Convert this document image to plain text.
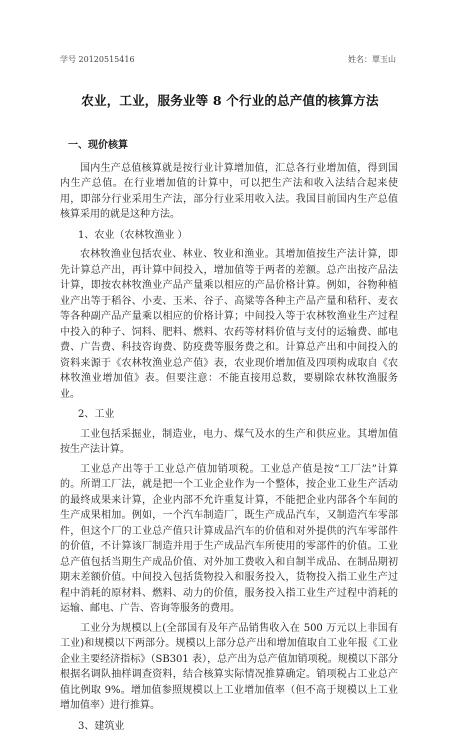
学号 20120515416	姓名：覃玉山
农业，工业，服务业等 8 个行业的总产值的核算方法

一、现价核算

国内生产总值核算就是按行业计算增加值，汇总各行业增加值，得到国内生产总值。在行业增加值的计算中，可以把生产法和收入法结合起来使用，即部分行业采用生产法，部分行业采用收入法。我国目前国内生产总值核算采用的就是这种方法。

1、农业（农林牧渔业 ）

农林牧渔业包括农业、林业、牧业和渔业。其增加值按生产法计算，即先计算总产出，再计算中间投入，增加值等于两者的差额。总产出按产品法计算，即按农林牧渔业产品产量乘以相应的产品价格计算。例如，谷物种植业产出等于稻谷、小麦、玉米、谷子、高粱等各种主产品产量和秸秆、麦衣等各种副产品产量乘以相应的价格计算；中间投入等于农林牧渔业生产过程中投入的种子、饲料、肥料、燃料、农药等材料价值与支付的运输费、邮电费、广告费、科技咨询费、防疫费等服务费之和。计算总产出和中间投入的资料来源于《农林牧渔业总产值》表，农业现价增加值及四项构成取自《农林牧渔业增加值》表。但要注意：不能直接用总数，要剔除农林牧渔服务业。

2、工业

工业包括采掘业，制造业，电力、煤气及水的生产和供应业。其增加值按生产法计算。

工业总产出等于工业总产值加销项税。工业总产值是按“工厂法”计算的。所谓工厂法，就是把一个工业企业作为一个整体，按企业工业生产活动的最终成果来计算，企业内部不允许重复计算，不能把企业内部各个车间的生产成果相加。例如，一个汽车制造厂，既生产成品汽车，又制造汽车零部件，但这个厂的工业总产值只计算成品汽车的价值和对外提供的汽车零部件的价值，不计算该厂制造并用于生产成品汽车所使用的零部件的价值。工业总产值包括当期生产成品价值、对外加工费收入和自制半成品、在制品期初期末差额价值。中间投入包括货物投入和服务投入，货物投入指工业生产过程中消耗的原材料、燃料、动力的价值，服务投入指工业生产过程中消耗的运输、邮电、广告、咨询等服务的费用。

工业分为规模以上(全部国有及年产品销售收入在 500 万元以上非国有工业)和规模以下两部分。规模以上部分总产出和增加值取自工业年报《工业企业主要经济指标》（SB301 表），总产出为总产值加销项税。规模以下部分根据名调队抽样调查资料，结合核算实际情况推算确定。销项税占工业总产值比例取 9%。增加值参照规模以上工业增加值率（但不高于规模以上工业增加值率）进行推算。

3、建筑业
